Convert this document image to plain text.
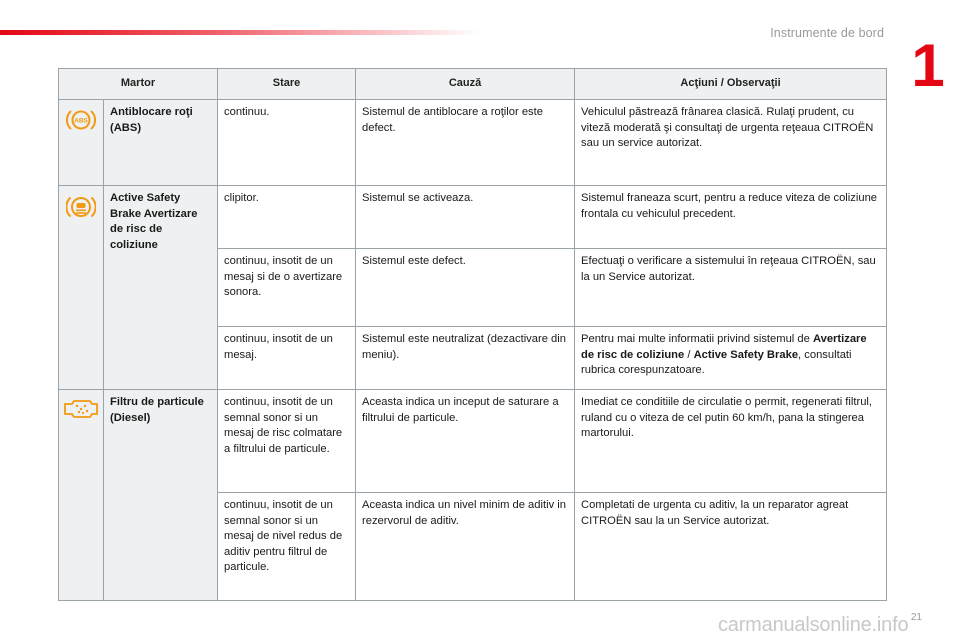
Instrumente de bord 1
Martor		Stare	Cauză	Acţiuni / Observaţii

ABS	Antiblocare roţi (ABS)	continuu.	Sistemul de antiblocare a roţilor este defect.	Vehiculul păstrează frânarea clasică. Rulaţi prudent, cu viteză moderată şi consultaţi de urgenta reţeaua CITROËN sau un service autorizat.
	Active Safety Brake Avertizare de risc de coliziune	clipitor.	Sistemul se activeaza.	Sistemul franeaza scurt, pentru a reduce viteza de coliziune frontala cu vehiculul precedent.
		continuu, insotit de un mesaj si de o avertizare sonora.	Sistemul este defect.	Efectuaţi o verificare a sistemului în reţeaua CITROËN, sau la un Service autorizat.
		continuu, insotit de un mesaj.	Sistemul este neutralizat (dezactivare din meniu).	Pentru mai multe informatii privind sistemul de Avertizare de risc de coliziune / Active Safety Brake, consultati rubrica corespunzatoare.
	Filtru de particule (Diesel)	continuu, insotit de un semnal sonor si un mesaj de risc colmatare a filtrului de particule.	Aceasta indica un inceput de saturare a filtrului de particule.	Imediat ce conditiile de circulatie o permit, regenerati filtrul, ruland cu o viteza de cel putin 60 km/h, pana la stingerea martorului.
		continuu, insotit de un semnal sonor si un mesaj de nivel redus de aditiv pentru filtrul de particule.	Aceasta indica un nivel minim de aditiv in rezervorul de aditiv.	Completati de urgenta cu aditiv, la un reparator agreat CITROËN sau la un Service autorizat.
21
carmanualsonline.info
